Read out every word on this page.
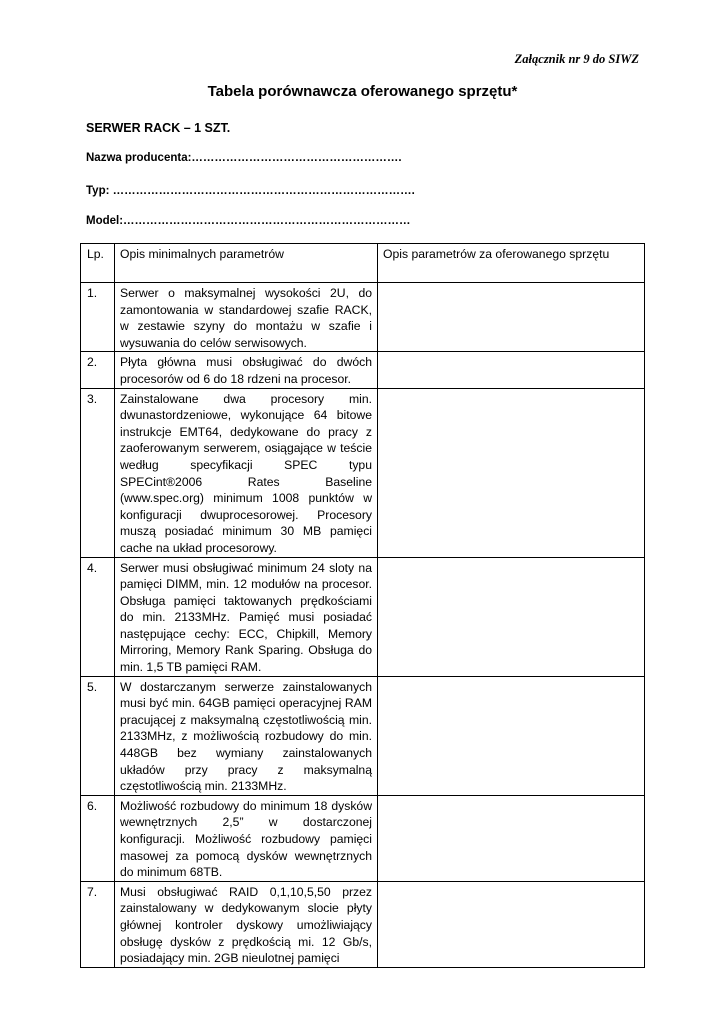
Załącznik nr 9 do SIWZ
Tabela porównawcza oferowanego sprzętu*
SERWER RACK – 1 SZT.
Nazwa producenta:……………………………………………….
Typ: …………………………………………………………………….
Model:…………………………………………………………………
Lp.	Opis minimalnych parametrów	Opis parametrów za oferowanego sprzętu
1.	Serwer o maksymalnej wysokości 2U, do zamontowania w standardowej szafie RACK, w zestawie szyny do montażu w szafie i wysuwania do celów serwisowych.	
2.	Płyta główna musi obsługiwać do dwóch procesorów od 6 do 18 rdzeni na procesor.	
3.	Zainstalowane dwa procesory min. dwunastordzeniowe, wykonujące 64 bitowe instrukcje EMT64, dedykowane do pracy z zaoferowanym serwerem, osiągające w teście według specyfikacji SPEC typu SPECint®2006 Rates Baseline (www.spec.org) minimum 1008 punktów w konfiguracji dwuprocesorowej. Procesory muszą posiadać minimum 30 MB pamięci cache na układ procesorowy.	
4.	Serwer musi obsługiwać minimum 24 sloty na pamięci DIMM, min. 12 modułów na procesor. Obsługa pamięci taktowanych prędkościami do min. 2133MHz. Pamięć musi posiadać następujące cechy: ECC, Chipkill, Memory Mirroring, Memory Rank Sparing. Obsługa do min. 1,5 TB pamięci RAM.	
5.	W dostarczanym serwerze zainstalowanych musi być min. 64GB pamięci operacyjnej RAM pracującej z maksymalną częstotliwością min. 2133MHz, z możliwością rozbudowy do min. 448GB bez wymiany zainstalowanych układów przy pracy z maksymalną częstotliwością min. 2133MHz.	
6.	Możliwość rozbudowy do minimum 18 dysków wewnętrznych 2,5” w dostarczonej konfiguracji. Możliwość rozbudowy pamięci masowej za pomocą dysków wewnętrznych do minimum 68TB.	
7.	Musi obsługiwać RAID 0,1,10,5,50 przez zainstalowany w dedykowanym slocie płyty głównej kontroler dyskowy umożliwiający obsługę dysków z prędkością mi. 12 Gb/s, posiadający min. 2GB nieulotnej pamięci	
